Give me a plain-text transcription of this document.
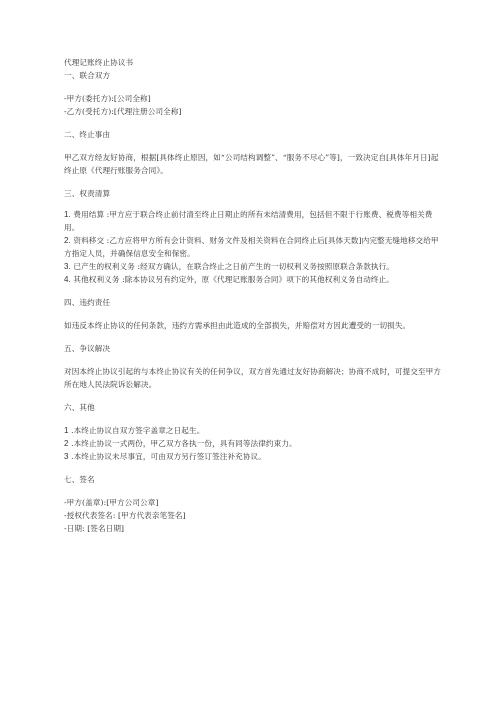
代理记账终止协议书

一、联合双方

-甲方(委托方):[公司全称]

-乙方(受托方):[代理注册公司全称]

二、终止事由

甲乙双方经友好协商，根据[具体终止原因，如“公司结构调整”、“服务不尽心”等]，一致决定自[具体年月日]起终止原《代理行账服务合同》。

三、权责清算

1. 费用结算 :甲方应于联合终止前付清至终止日期止的所有未结清费用，包括但不限于行账费、税费等相关费用。

2. 资料移交 :乙方应将甲方所有会计资料、财务文件及相关资料在合同终止后[具体天数]内完整无缝地移交给甲方指定人员，并确保信息安全和保密。

3. 已产生的权利义务 :经双方确认，在联合终止之日前产生的一切权利义务按照原联合条款执行。

4. 其他权利义务 :除本协议另有约定外，原《代理记账服务合同》项下的其他权利义务自动终止。

四、违约责任

如违反本终止协议的任何条款，违约方需承担由此造成的全部损失，并赔偿对方因此遭受的一切损失。

五、争议解决

对因本终止协议引起的与本终止协议有关的任何争议，双方首先通过友好协商解决；协商不成时，可提交至甲方所在地人民法院诉讼解决。

六、其他

1 .本终止协议自双方签字盖章之日起生。

2 .本终止协议一式两份，甲乙双方各执一份，具有同等法律约束力。

3 .本终止协议未尽事宜，可由双方另行签订签注补充协议。

七、签名

-甲方(盖章):[甲方公司公章]

-授权代表签名: [甲方代表亲笔签名]

-日期: [签名日期]
